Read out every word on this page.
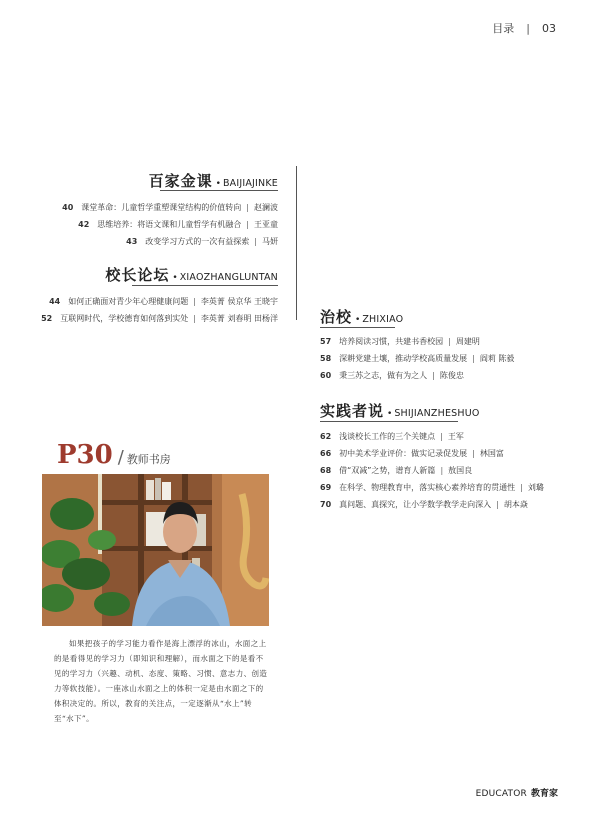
目录 | 03
百家金课 • BAIJIAJINKE
40 课堂革命：儿童哲学重塑课堂结构的价值转向 | 赵澜波
42 思维培养：将语文课和儿童哲学有机融合 | 王亚童
43 改变学习方式的一次有益探索 | 马妍
校长论坛 • XIAOZHANGLUNTAN
44 如何正确面对青少年心理健康问题 | 李英菁 侯京华 王晓宇
52 互联网时代，学校德育如何落到实处 | 李英菁 刘春明 田杨洋	治校 • ZHIXIAO
57 培养阅读习惯，共建书香校园 | 周建明
58 深耕党建土壤，推动学校高质量发展 | 阎莉 陈毅
60 秉三苏之志，做有为之人 | 陈俊忠
实践者说 • SHIJIANZHESHUO
62 浅谈校长工作的三个关键点 | 王军
66 初中美术学业评价：做实记录促发展 | 林国富
68 借“双减”之势，谱育人新篇 | 敖国良
69 在科学、物理教育中，落实核心素养培育的贯通性 | 刘璐
70 真问题、真探究，让小学数学教学走向深入 | 胡本焱
P30 / 教师书房
如果把孩子的学习能力看作是海上漂浮的冰山，水面之上的是看得见的学习力（即知识和理解），而水面之下的是看不见的学习力（兴趣、动机、态度、策略、习惯、意志力、创造力等软技能）。一座冰山水面之上的体积一定是由水面之下的体积决定的。所以，教育的关注点，一定逐渐从“水上”转至“水下”。
EDUCATOR 教育家
